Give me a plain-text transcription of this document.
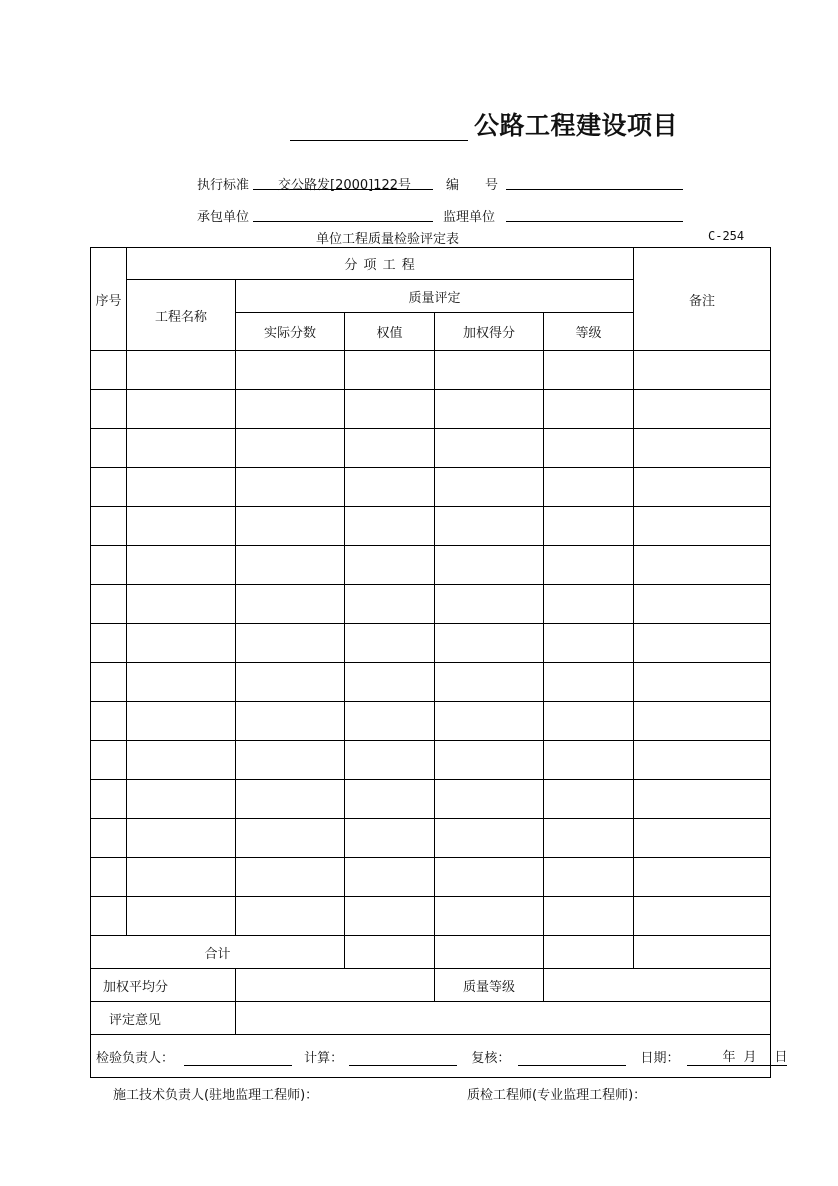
公路工程建设项目
执行标准 交公路发[2000]122号	编　　号
承包单位	监理单位
单位工程质量检验评定表	C-254
序号	分 项 工 程					备注
	工程名称	质量评定				
		实际分数	权值	加权得分	等级	

合计						
加权平均分				质量等级		
评定意见						
检验负责人： 计算： 复核： 日期： 年 月 日						
施工技术负责人(驻地监理工程师)：	质检工程师(专业监理工程师)：
